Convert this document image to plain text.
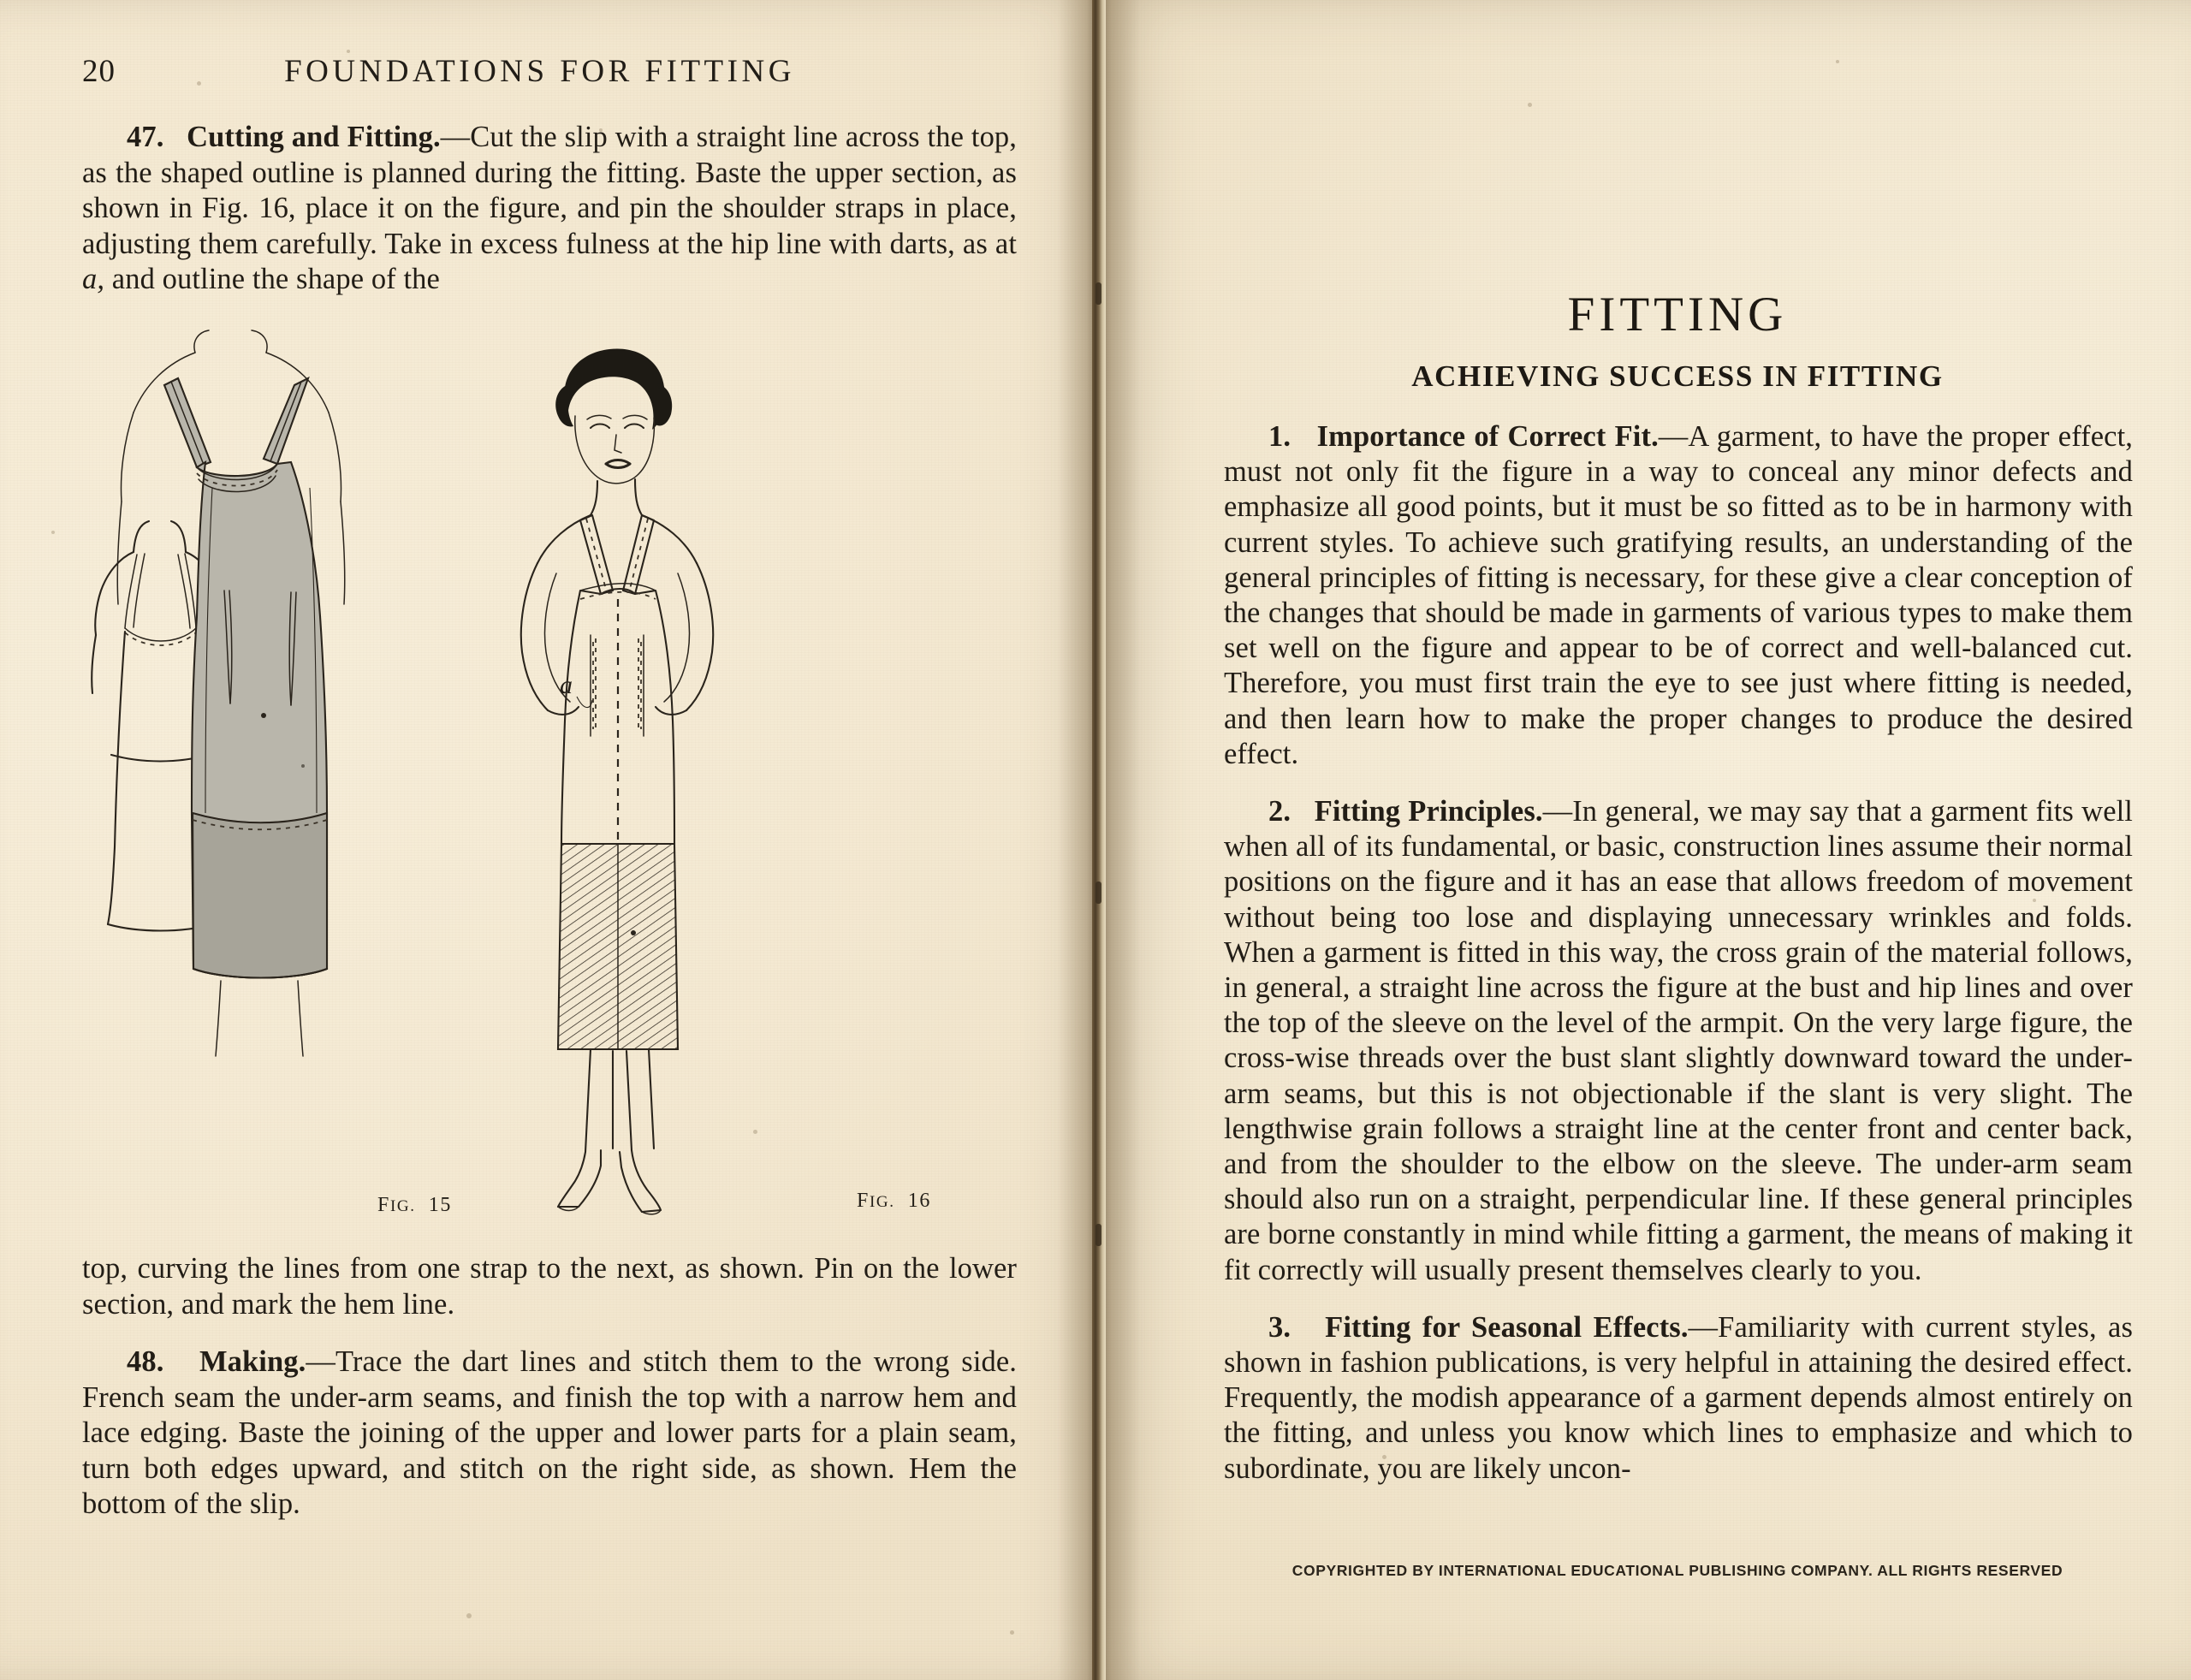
20	FOUNDATIONS FOR FITTING

47. Cutting and Fitting.—Cut the slip with a straight line across the top, as the shaped outline is planned during the fitting. Baste the upper section, as shown in Fig. 16, place it on the figure, and pin the shoulder straps in place, adjusting them carefully. Take in excess fulness at the hip line with darts, as at a, and outline the shape of the

a
FIG. 15	FIG. 16

top, curving the lines from one strap to the next, as shown. Pin on the lower section, and mark the hem line.

48. Making.—Trace the dart lines and stitch them to the wrong side. French seam the under-arm seams, and finish the top with a narrow hem and lace edging. Baste the joining of the upper and lower parts for a plain seam, turn both edges upward, and stitch on the right side, as shown. Hem the bottom of the slip.

FITTING
ACHIEVING SUCCESS IN FITTING

1. Importance of Correct Fit.—A garment, to have the proper effect, must not only fit the figure in a way to conceal any minor defects and emphasize all good points, but it must be so fitted as to be in harmony with current styles. To achieve such gratifying results, an understanding of the general principles of fitting is necessary, for these give a clear conception of the changes that should be made in garments of various types to make them set well on the figure and appear to be of correct and well-balanced cut. Therefore, you must first train the eye to see just where fitting is needed, and then learn how to make the proper changes to produce the desired effect.

2. Fitting Principles.—In general, we may say that a garment fits well when all of its fundamental, or basic, construction lines assume their normal positions on the figure and it has an ease that allows freedom of movement without being too lose and displaying unnecessary wrinkles and folds. When a garment is fitted in this way, the cross grain of the material follows, in general, a straight line across the figure at the bust and hip lines and over the top of the sleeve on the level of the armpit. On the very large figure, the cross-wise threads over the bust slant slightly downward toward the under-arm seams, but this is not objectionable if the slant is very slight. The lengthwise grain follows a straight line at the center front and center back, and from the shoulder to the elbow on the sleeve. The under-arm seam should also run on a straight, perpendicular line. If these general principles are borne constantly in mind while fitting a garment, the means of making it fit correctly will usually present themselves clearly to you.

3. Fitting for Seasonal Effects.—Familiarity with current styles, as shown in fashion publications, is very helpful in attaining the desired effect. Frequently, the modish appearance of a garment depends almost entirely on the fitting, and unless you know which lines to emphasize and which to subordinate, you are likely uncon-

COPYRIGHTED BY INTERNATIONAL EDUCATIONAL PUBLISHING COMPANY. ALL RIGHTS RESERVED
